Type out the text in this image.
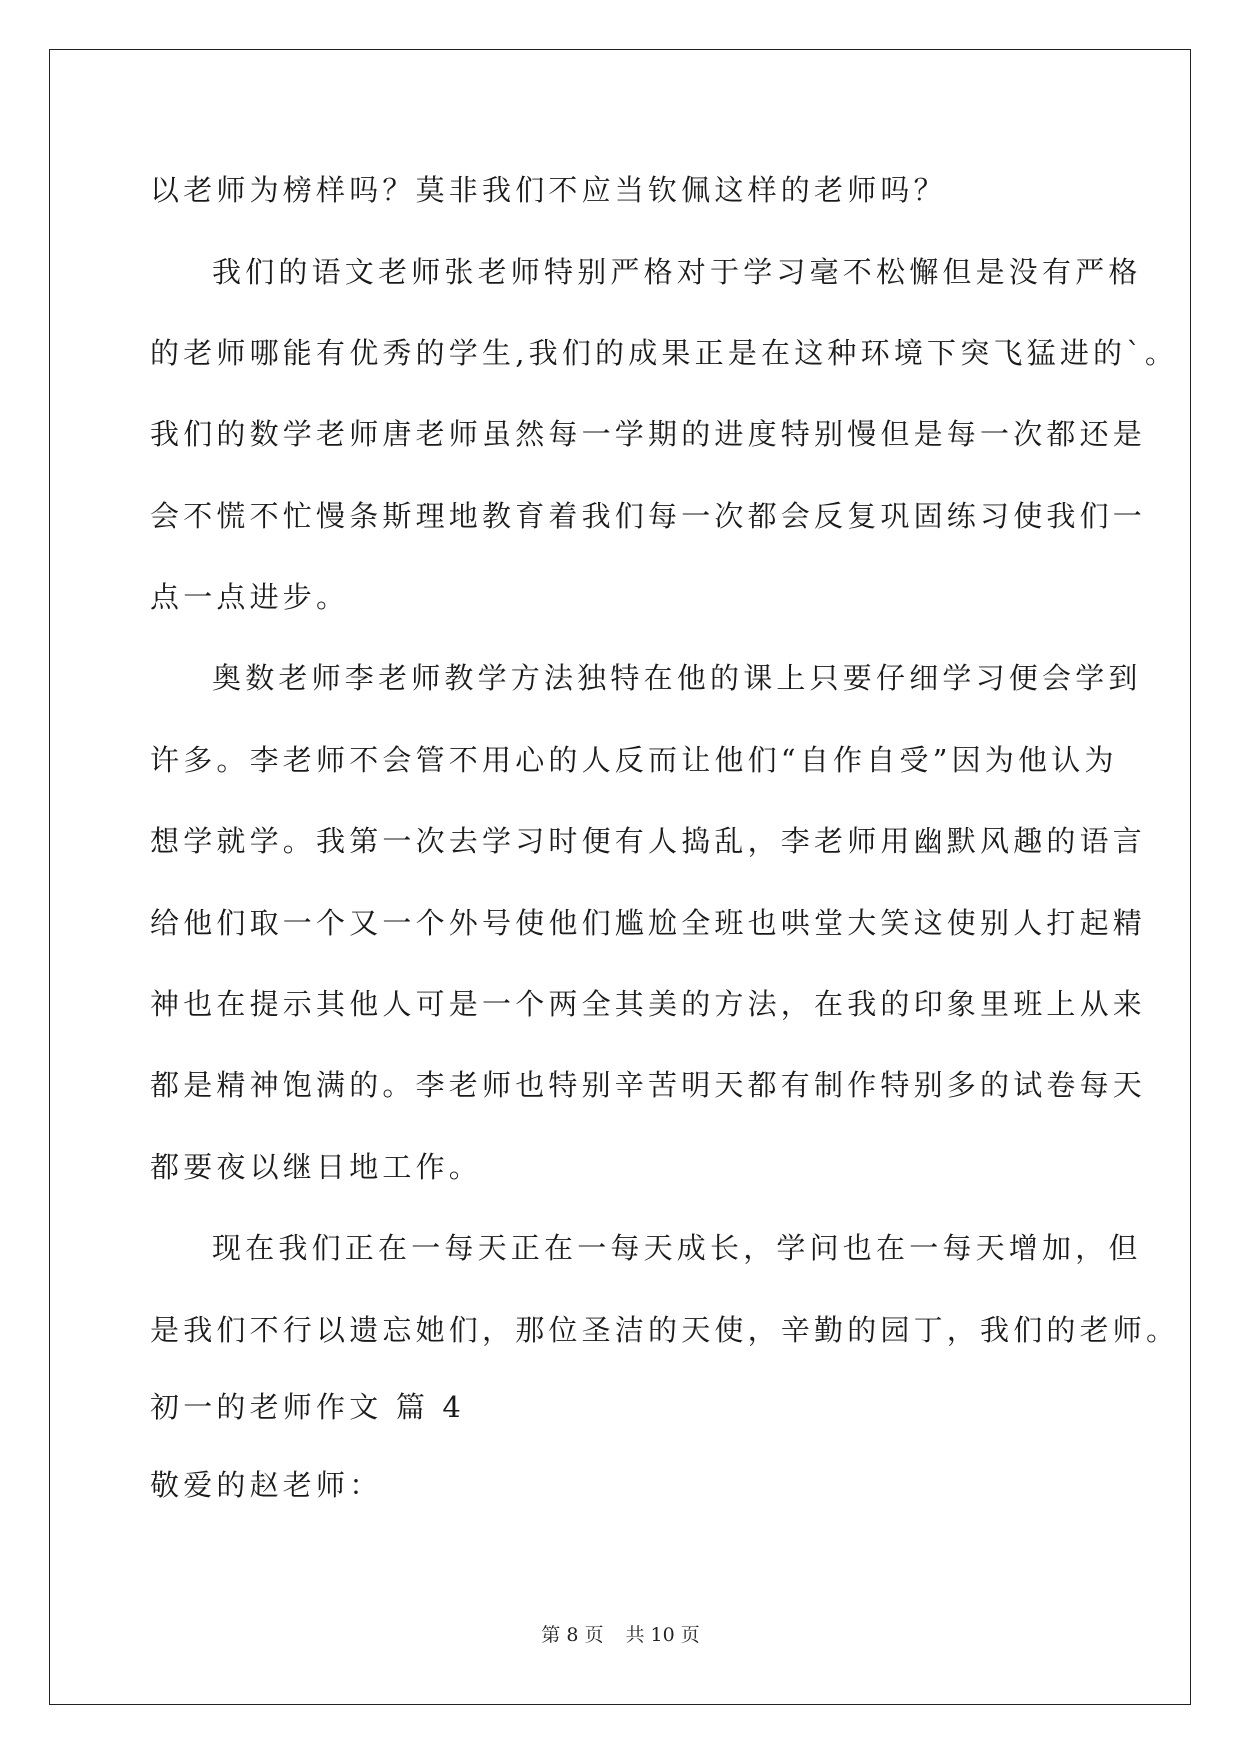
以老师为榜样吗？莫非我们不应当钦佩这样的老师吗？
我们的语文老师张老师特别严格对于学习毫不松懈但是没有严格
的老师哪能有优秀的学生,我们的成果正是在这种环境下突飞猛进的`。
我们的数学老师唐老师虽然每一学期的进度特别慢但是每一次都还是
会不慌不忙慢条斯理地教育着我们每一次都会反复巩固练习使我们一
点一点进步。
奥数老师李老师教学方法独特在他的课上只要仔细学习便会学到
许多。李老师不会管不用心的人反而让他们“自作自受”因为他认为
想学就学。我第一次去学习时便有人捣乱，李老师用幽默风趣的语言
给他们取一个又一个外号使他们尴尬全班也哄堂大笑这使别人打起精
神也在提示其他人可是一个两全其美的方法，在我的印象里班上从来
都是精神饱满的。李老师也特别辛苦明天都有制作特别多的试卷每天
都要夜以继日地工作。
现在我们正在一每天正在一每天成长，学问也在一每天增加，但
是我们不行以遗忘她们，那位圣洁的天使，辛勤的园丁，我们的老师。
初一的老师作文 篇 4
敬爱的赵老师：
第 8 页 共 10 页
